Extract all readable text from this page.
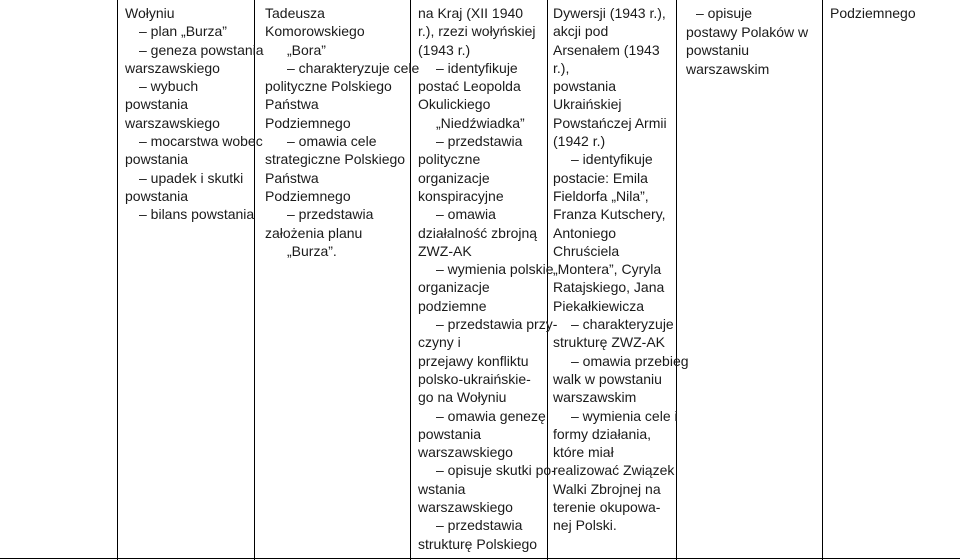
Wołyniu

– plan „Burza”

– geneza powstania

warszawskiego

– wybuch

powstania

warszawskiego

– mocarstwa wobec

powstania

– upadek i skutki

powstania

– bilans powstania

Tadeusza

Komorowskiego

„Bora”

– charakteryzuje cele

polityczne Polskiego

Państwa

Podziemnego

– omawia cele

strategiczne Polskiego

Państwa

Podziemnego

– przedstawia

założenia planu

„Burza”.

na Kraj (XII 1940

r.), rzezi wołyńskiej

(1943 r.)

– identyfikuje

postać Leopolda

Okulickiego

„Niedźwiadka”

– przedstawia

polityczne

organizacje

konspiracyjne

– omawia

działalność zbrojną

ZWZ-AK

– wymienia polskie

organizacje

podziemne

– przedstawia przy-

czyny i

przejawy konfliktu

polsko-ukraińskie-

go na Wołyniu

– omawia genezę

powstania

warszawskiego

– opisuje skutki po-

wstania

warszawskiego

– przedstawia

strukturę Polskiego

Dywersji (1943 r.),

akcji pod

Arsenałem (1943

r.),

powstania

Ukraińskiej

Powstańczej Armii

(1942 r.)

– identyfikuje

postacie: Emila

Fieldorfa „Nila”,

Franza Kutschery,

Antoniego

Chruściela

„Montera”, Cyryla

Ratajskiego, Jana

Piekałkiewicza

– charakteryzuje

strukturę ZWZ-AK

– omawia przebieg

walk w powstaniu

warszawskim

– wymienia cele i

formy działania,

które miał

realizować Związek

Walki Zbrojnej na

terenie okupowa-

nej Polski.

– opisuje

postawy Polaków w

powstaniu

warszawskim

Podziemnego
